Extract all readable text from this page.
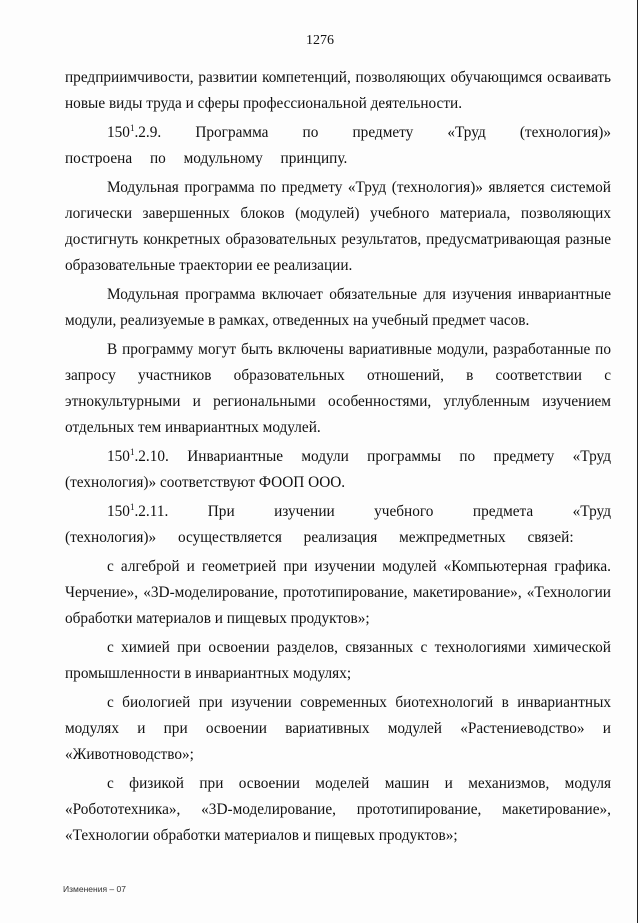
1276

предприимчивости, развитии компетенций, позволяющих обучающимся осваивать новые виды труда и сферы профессиональной деятельности.

$150^1.2.9$. Программа по предмету «Труд (технология)» построена по модульному принципу.

Модульная программа по предмету «Труд (технология)» является системой логически завершенных блоков (модулей) учебного материала, позволяющих достигнуть конкретных образовательных результатов, предусматривающая разные образовательные траектории ее реализации.

Модульная программа включает обязательные для изучения инвариантные модули, реализуемые в рамках, отведенных на учебный предмет часов.

В программу могут быть включены вариативные модули, разработанные по запросу участников образовательных отношений, в соответствии с этнокультурными и региональными особенностями, углубленным изучением отдельных тем инвариантных модулей.

$150^1.2.10$. Инвариантные модули программы по предмету «Труд (технология)» соответствуют ФООП ООО.

$150^1.2.11$. При изучении учебного предмета «Труд (технология)» осуществляется реализация межпредметных связей:

с алгеброй и геометрией при изучении модулей «Компьютерная графика. Черчение», «3D-моделирование, прототипирование, макетирование», «Технологии обработки материалов и пищевых продуктов»;

с химией при освоении разделов, связанных с технологиями химической промышленности в инвариантных модулях;

с биологией при изучении современных биотехнологий в инвариантных модулях и при освоении вариативных модулей «Растениеводство» и «Животноводство»;

с физикой при освоении моделей машин и механизмов, модуля «Робототехника», «3D-моделирование, прототипирование, макетирование», «Технологии обработки материалов и пищевых продуктов»;

Изменения – 07
